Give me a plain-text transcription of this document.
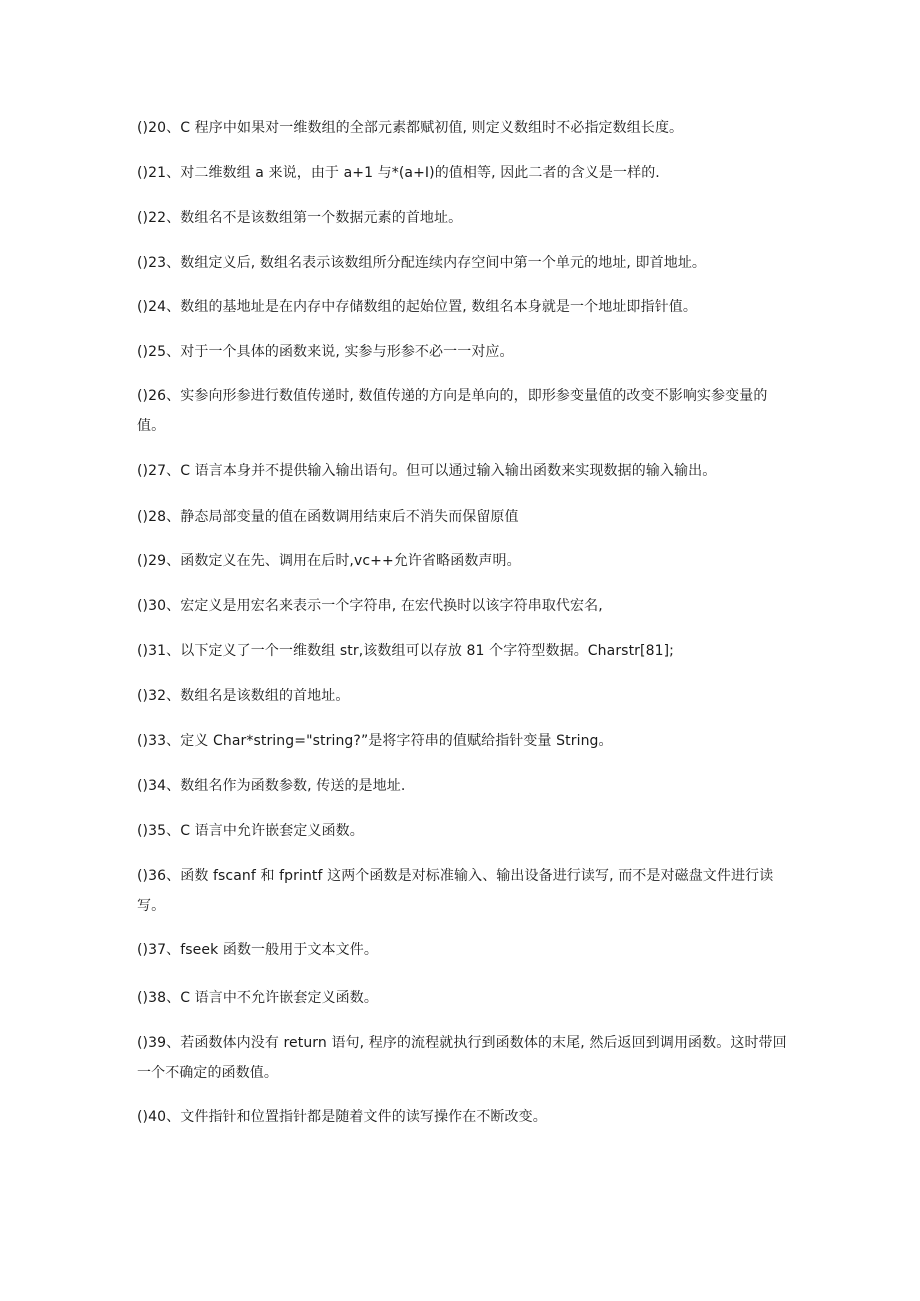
()20、C 程序中如果对一维数组的全部元素都赋初值, 则定义数组时不必指定数组长度。

()21、对二维数组 a 来说，由于 a+1 与*(a+I)的值相等, 因此二者的含义是一样的.

()22、数组名不是该数组第一个数据元素的首地址。

()23、数组定义后, 数组名表示该数组所分配连续内存空间中第一个单元的地址, 即首地址。

()24、数组的基地址是在内存中存储数组的起始位置, 数组名本身就是一个地址即指针值。

()25、对于一个具体的函数来说, 实参与形参不必一一对应。

()26、实参向形参进行数值传递时, 数值传递的方向是单向的，即形参变量值的改变不影响实参变量的值。

()27、C 语言本身并不提供输入输出语句。但可以通过输入输出函数来实现数据的输入输出。

()28、静态局部变量的值在函数调用结束后不消失而保留原值

()29、函数定义在先、调用在后时,vc++允许省略函数声明。

()30、宏定义是用宏名来表示一个字符串, 在宏代换时以该字符串取代宏名,

()31、以下定义了一个一维数组 str,该数组可以存放 81 个字符型数据。Charstr[81];

()32、数组名是该数组的首地址。

()33、定义 Char*string="string?”是将字符串的值赋给指针变量 String。

()34、数组名作为函数参数, 传送的是地址.

()35、C 语言中允许嵌套定义函数。

()36、函数 fscanf 和 fprintf 这两个函数是对标准输入、输出设备进行读写, 而不是对磁盘文件进行读写。

()37、fseek 函数一般用于文本文件。

()38、C 语言中不允许嵌套定义函数。

()39、若函数体内没有 return 语句, 程序的流程就执行到函数体的末尾, 然后返回到调用函数。这时带回一个不确定的函数值。

()40、文件指针和位置指针都是随着文件的读写操作在不断改变。
